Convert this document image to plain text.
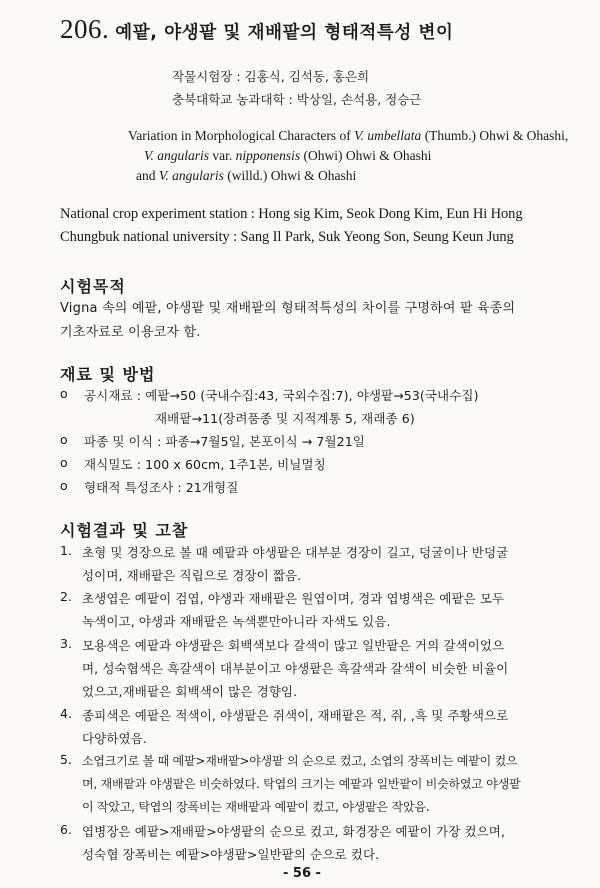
206. 예팥, 야생팥 및 재배팥의 형태적특성 변이
작물시험장 : 김홍식, 김석동, 홍은희
충북대학교 농과대학 : 박상일, 손석용, 정승근
Variation in Morphological Characters of V. umbellata (Thumb.) Ohwi & Ohashi,
V. angularis var. nipponensis (Ohwi) Ohwi & Ohashi
and V. angularis (willd.) Ohwi & Ohashi
National crop experiment station : Hong sig Kim, Seok Dong Kim, Eun Hi Hong
Chungbuk national university : Sang Il Park, Suk Yeong Son, Seung Keun Jung
시험목적
Vigna 속의 예팥, 야생팥 및 재배팥의 형태적특성의 차이를 구명하여 팥 육종의
기초자료로 이용코자 함.
재료 및 방법
o 공시재료 : 예팥→50 (국내수집:43, 국외수집:7), 야생팥→53(국내수집)
재배팥→11(장려품종 및 지적계통 5, 재래종 6)
o 파종 및 이식 : 파종→7월5일, 본포이식 → 7월21일
o 재식밀도 : 100 x 60cm, 1주1본, 비닐멀칭
o 형태적 특성조사 : 21개형질
시험결과 및 고찰
1. 초형 및 경장으로 볼 때 예팥과 야생팥은 대부분 경장이 길고, 덩굴이나 반덩굴
성이며, 재배팥은 직립으로 경장이 짧음.
2. 초생엽은 예팥이 검엽, 야생과 재배팥은 원엽이며, 경과 엽병색은 예팥은 모두
녹색이고, 야생과 재배팥은 녹색뿐만아니라 자색도 있음.
3. 모용색은 예팥과 야생팥은 회백색보다 갈색이 많고 일반팥은 거의 갈색이었으
며, 성숙협색은 흑갈색이 대부분이고 야생팥은 흑갈색과 갈색이 비슷한 비율이
었으고,재배팥은 회백색이 많은 경향임.
4. 종피색은 예팥은 적색이, 야생팥은 쥐색이, 재배팥은 적, 쥐, ,흑 및 주황색으로
다양하였음.
5. 소엽크기로 볼 때 예팥>재배팥>야생팥 의 순으로 컸고, 소엽의 장폭비는 예팥이 컸으
며, 재배팥과 야생팥은 비슷하였다. 탁엽의 크기는 예팥과 일반팥이 비슷하였고 야생팥
이 작았고, 탁엽의 장폭비는 재배팥과 예팥이 컸고, 야생팥은 작았음.
6. 엽병장은 예팥>재배팥>야생팥의 순으로 컸고, 화경장은 예팥이 가장 컸으며,
- 56 -
성숙협 장폭비는 예팥>야생팥>일반팥의 순으로 컸다.
